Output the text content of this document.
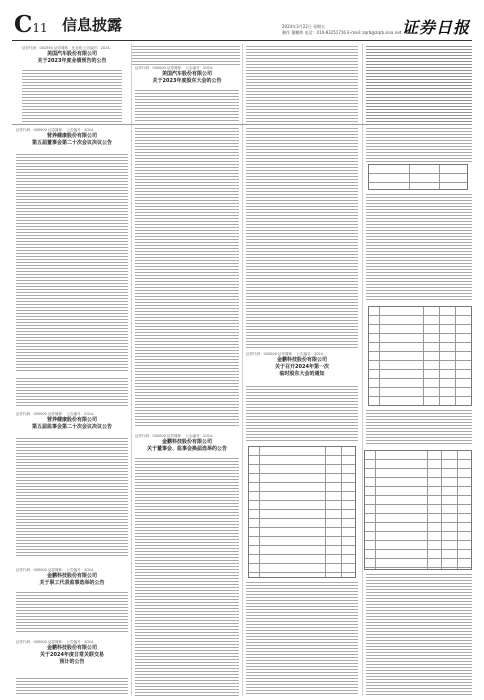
C11 信息披露	2024年3月22日 星期五
制作 董鹏辉 电话：010-83251716 E-mail: zqrb@zqrb.sina.net 证券日报
证券代码：002594 证券简称：比亚迪 公告编号：2024-
美国汽车股份有限公司
关于2023年度业绩预告的公告
证券代码：000000 证券简称： 公告编号：2024-
美国汽车股份有限公司
关于2023年度股东大会的公告
证券代码：000000 证券简称： 公告编号：2024-
营养健康股份有限公司
第五届董事会第二十次会议决议公告
证券代码：000000 证券简称： 公告编号：2024-
营养健康股份有限公司
第五届监事会第二十次会议决议公告
证券代码：000000 证券简称： 公告编号：2024-
金鹏科技股份有限公司
关于职工代表监事选举的公告
证券代码：000000 证券简称： 公告编号：2024-
金鹏科技股份有限公司
关于2024年度日常关联交易
预计的公告
证券代码：000000 证券简称： 公告编号：2024-
金鹏科技股份有限公司
关于董事会、监事会换届选举的公告
证券代码：000000 证券简称： 公告编号：2024-
金鹏科技股份有限公司
关于召开2024年第一次
临时股东大会的通知
